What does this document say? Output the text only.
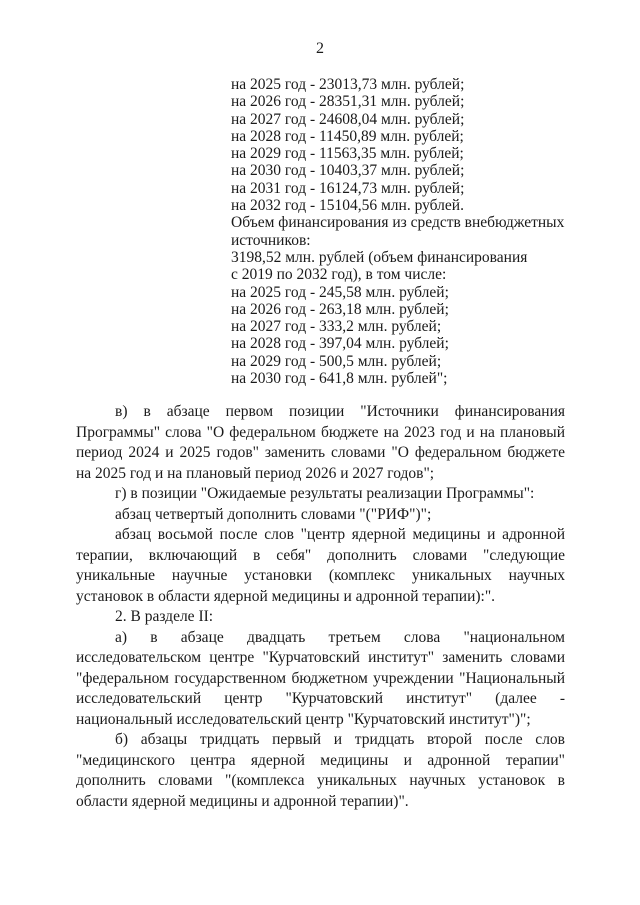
2
на 2025 год - 23013,73 млн. рублей;
на 2026 год - 28351,31 млн. рублей;
на 2027 год - 24608,04 млн. рублей;
на 2028 год - 11450,89 млн. рублей;
на 2029 год - 11563,35 млн. рублей;
на 2030 год - 10403,37 млн. рублей;
на 2031 год - 16124,73 млн. рублей;
на 2032 год - 15104,56 млн. рублей.
Объем финансирования из средств внебюджетных
источников:
3198,52 млн. рублей (объем финансирования
с 2019 по 2032 год), в том числе:
на 2025 год - 245,58 млн. рублей;
на 2026 год - 263,18 млн. рублей;
на 2027 год - 333,2 млн. рублей;
на 2028 год - 397,04 млн. рублей;
на 2029 год - 500,5 млн. рублей;
на 2030 год - 641,8 млн. рублей";

в) в абзаце первом позиции "Источники финансирования Программы" слова "О федеральном бюджете на 2023 год и на плановый период 2024 и 2025 годов" заменить словами "О федеральном бюджете на 2025 год и на плановый период 2026 и 2027 годов";

г) в позиции "Ожидаемые результаты реализации Программы":

абзац четвертый дополнить словами "("РИФ")";

абзац восьмой после слов "центр ядерной медицины и адронной терапии, включающий в себя" дополнить словами "следующие уникальные научные установки (комплекс уникальных научных установок в области ядерной медицины и адронной терапии):".

2. В разделе II:

а) в абзаце двадцать третьем слова "национальном исследовательском центре "Курчатовский институт" заменить словами "федеральном государственном бюджетном учреждении "Национальный исследовательский центр "Курчатовский институт" (далее - национальный исследовательский центр "Курчатовский институт")";

б) абзацы тридцать первый и тридцать второй после слов "медицинского центра ядерной медицины и адронной терапии" дополнить словами "(комплекса уникальных научных установок в области ядерной медицины и адронной терапии)".
